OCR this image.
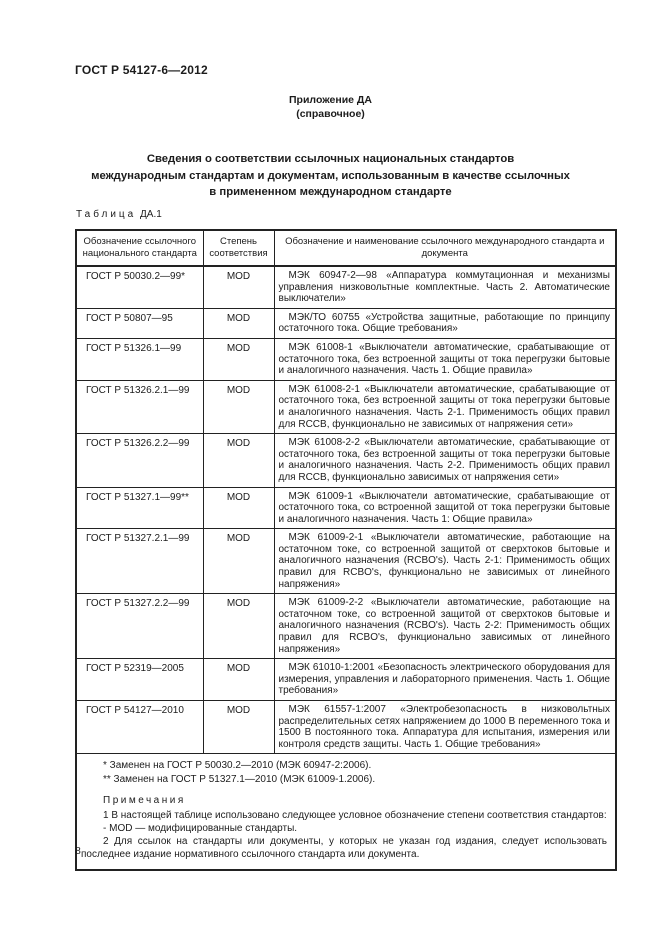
ГОСТ Р 54127-6—2012
Приложение ДА
(справочное)
Сведения о соответствии ссылочных национальных стандартов
международным стандартам и документам, использованным в качестве ссылочных
в примененном международном стандарте
Таблица ДА.1
Обозначение ссылочного национального стандарта	Степень соответствия	Обозначение и наименование ссылочного международного стандарта и документа
ГОСТ Р 50030.2—99*	MOD	МЭК 60947-2—98 «Аппаратура коммутационная и механизмы управления низковольтные комплектные. Часть 2. Автоматические выключатели»
ГОСТ Р 50807—95	MOD	МЭК/ТО 60755 «Устройства защитные, работающие по принципу остаточного тока. Общие требования»
ГОСТ Р 51326.1—99	MOD	МЭК 61008-1 «Выключатели автоматические, срабатывающие от остаточного тока, без встроенной защиты от тока перегрузки бытовые и аналогичного назначения. Часть 1. Общие правила»
ГОСТ Р 51326.2.1—99	MOD	МЭК 61008-2-1 «Выключатели автоматические, срабатывающие от остаточного тока, без встроенной защиты от тока перегрузки бытовые и аналогичного назначения. Часть 2-1. Применимость общих правил для RCCB, функционально не зависимых от напряжения сети»
ГОСТ Р 51326.2.2—99	MOD	МЭК 61008-2-2 «Выключатели автоматические, срабатывающие от остаточного тока, без встроенной защиты от тока перегрузки бытовые и аналогичного назначения. Часть 2-2. Применимость общих правил для RCCB, функционально зависимых от напряжения сети»
ГОСТ Р 51327.1—99**	MOD	МЭК 61009-1 «Выключатели автоматические, срабатывающие от остаточного тока, со встроенной защитой от тока перегрузки бытовые и аналогичного назначения. Часть 1: Общие правила»
ГОСТ Р 51327.2.1—99	MOD	МЭК 61009-2-1 «Выключатели автоматические, работающие на остаточном токе, со встроенной защитой от сверхтоков бытовые и аналогичного назначения (RCBO's). Часть 2-1: Применимость общих правил для RCBO's, функционально не зависимых от линейного напряжения»
ГОСТ Р 51327.2.2—99	MOD	МЭК 61009-2-2 «Выключатели автоматические, работающие на остаточном токе, со встроенной защитой от сверхтоков бытовые и аналогичного назначения (RCBO's). Часть 2-2: Применимость общих правил для RCBO's, функционально зависимых от линейного напряжения»
ГОСТ Р 52319—2005	MOD	МЭК 61010-1:2001 «Безопасность электрического оборудования для измерения, управления и лабораторного применения. Часть 1. Общие требования»
ГОСТ Р 54127—2010	MOD	МЭК 61557-1:2007 «Электробезопасность в низковольтных распределительных сетях напряжением до 1000 В переменного тока и 1500 В постоянного тока. Аппаратура для испытания, измерения или контроля средств защиты. Часть 1. Общие требования»

* Заменен на ГОСТ Р 50030.2—2010 (МЭК 60947-2:2006).

** Заменен на ГОСТ Р 51327.1—2010 (МЭК 61009-1.2006).

Примечания

1 В настоящей таблице использовано следующее условное обозначение степени соответствия стандартов:

- MOD — модифицированные стандарты.

2 Для ссылок на стандарты или документы, у которых не указан год издания, следует использовать последнее издание нормативного ссылочного стандарта или документа.

8
